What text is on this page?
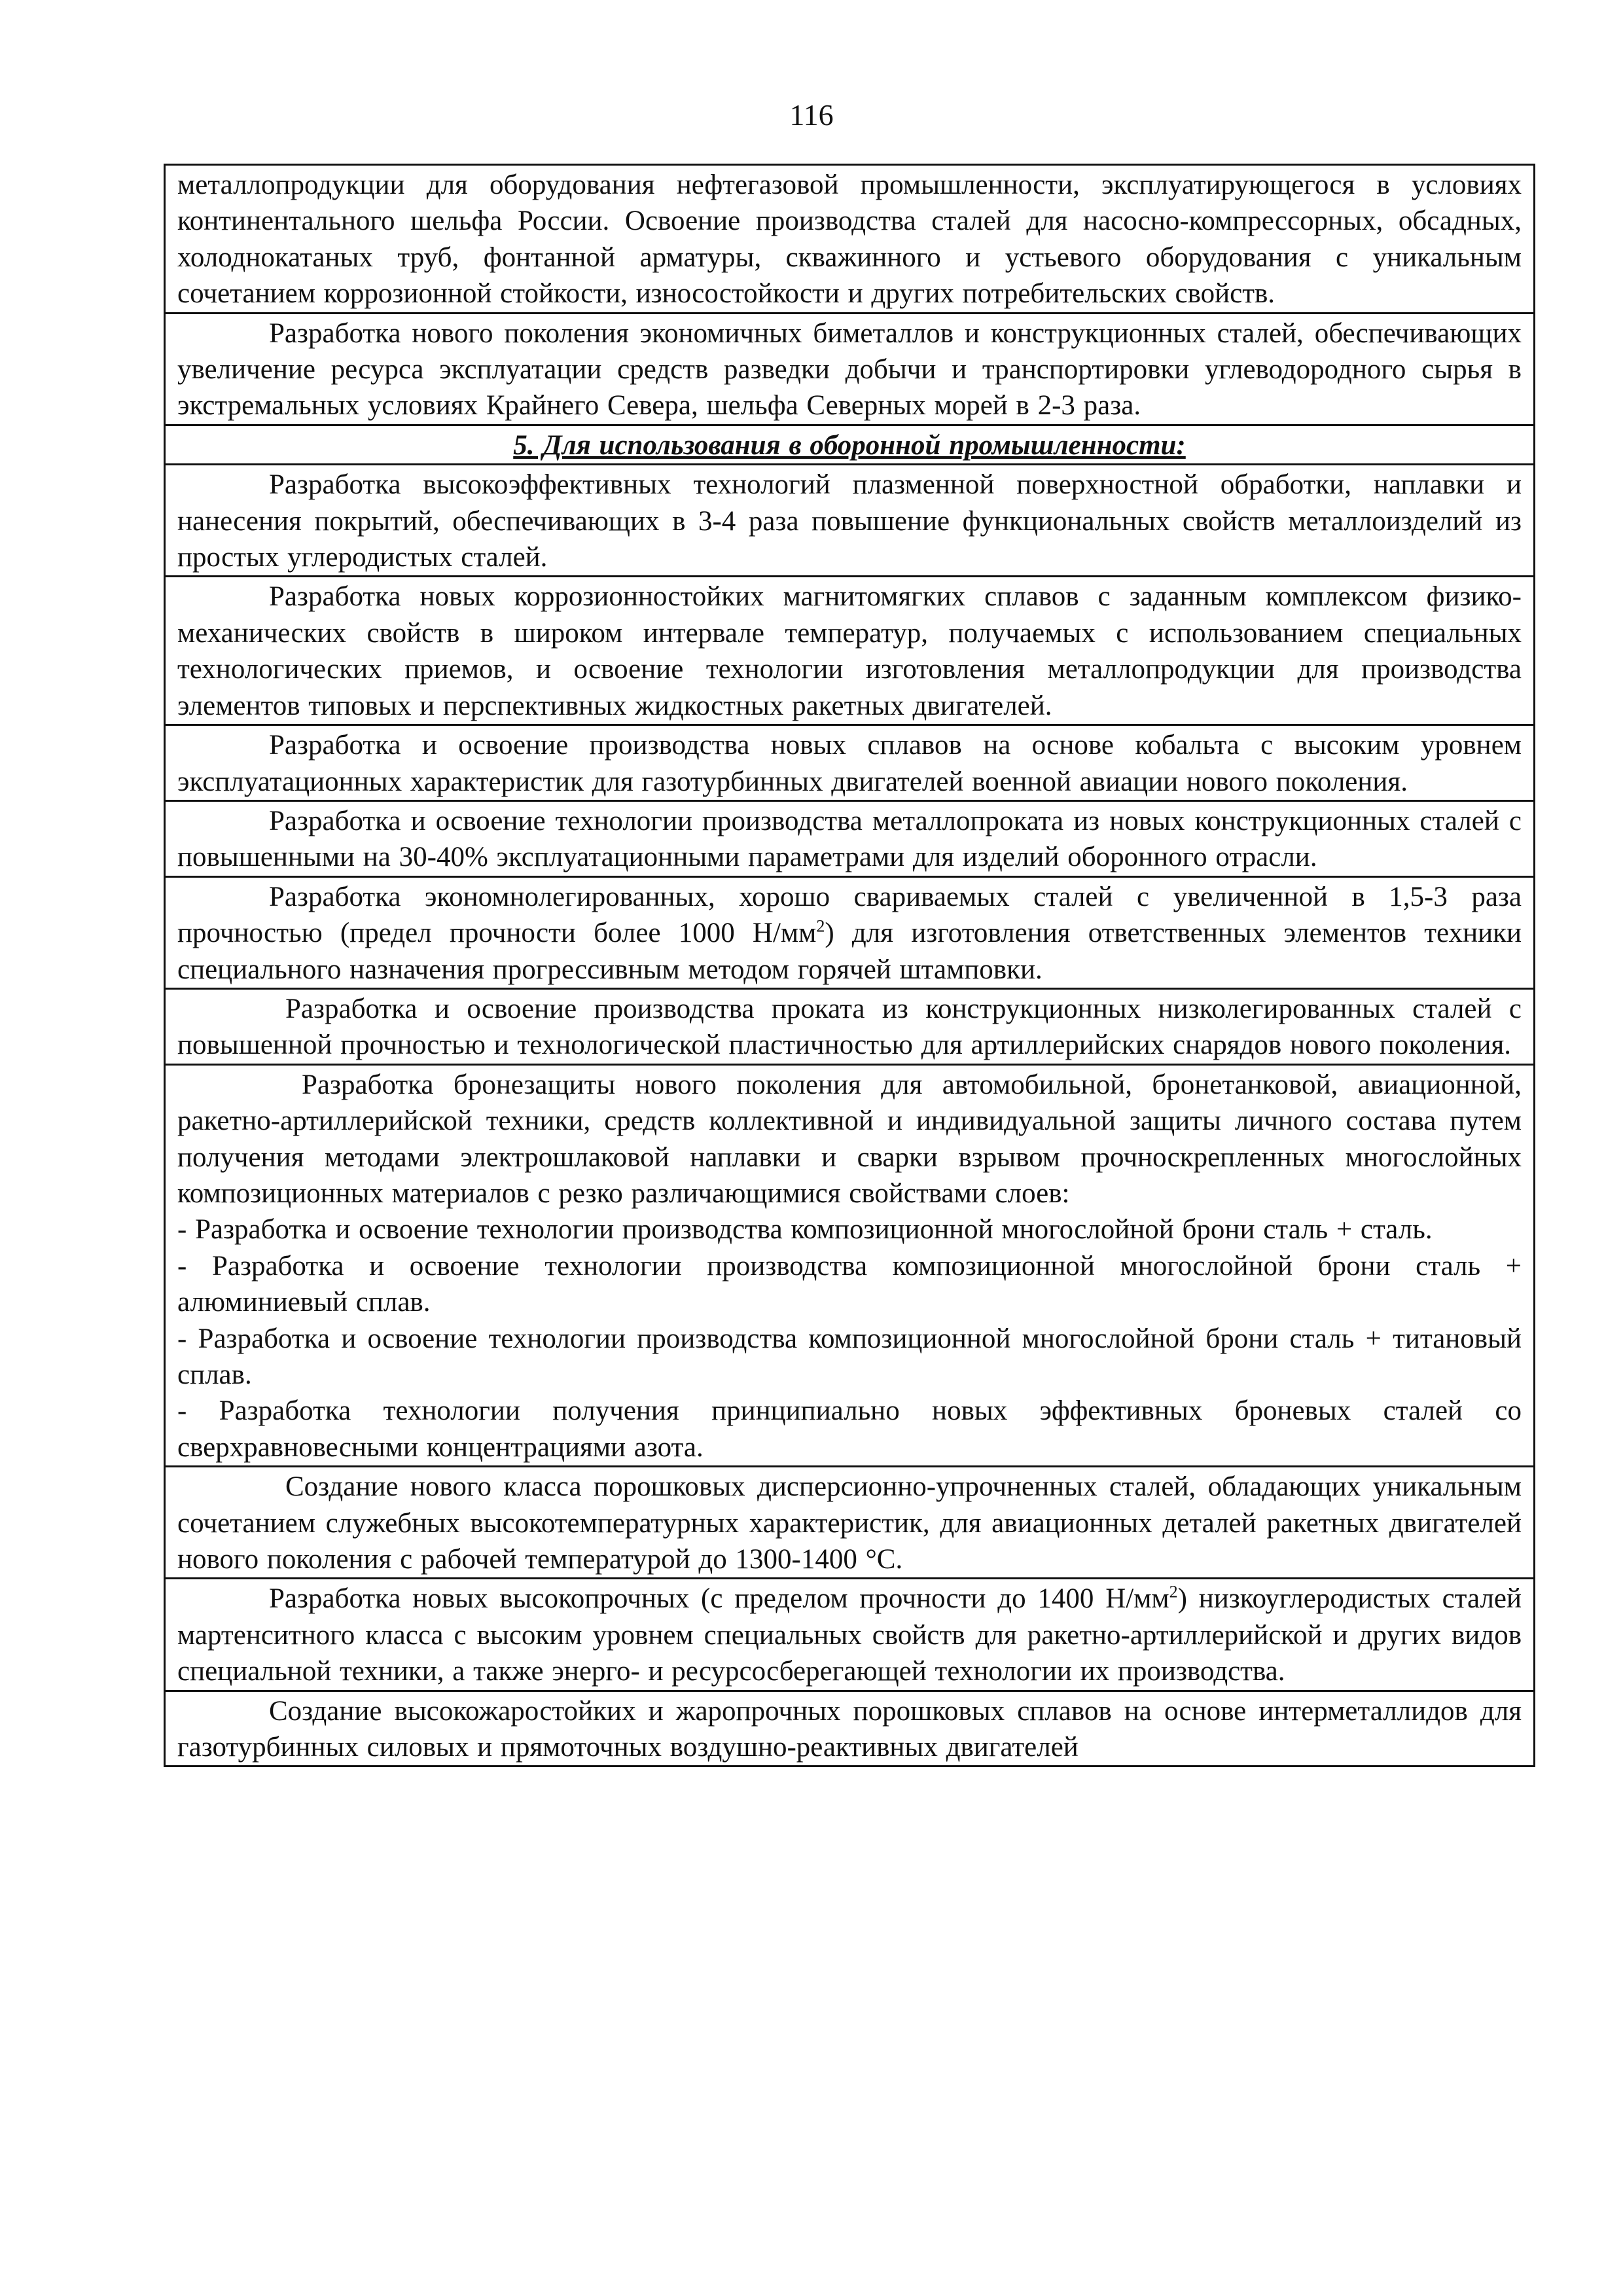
116
металлопродукции для оборудования нефтегазовой промышленности, эксплуатирующегося в условиях континентального шельфа России. Освоение производства сталей для насосно-компрессорных, обсадных, холоднокатаных труб, фонтанной арматуры, скважинного и устьевого оборудования с уникальным сочетанием коррозионной стойкости, износостойкости и других потребительских свойств.

Разработка нового поколения экономичных биметаллов и конструкционных сталей, обеспечивающих увеличение ресурса эксплуатации средств разведки добычи и транспортировки углеводородного сырья в экстремальных условиях Крайнего Севера, шельфа Северных морей в 2-3 раза.

5. Для использования в оборонной промышленности:

Разработка высокоэффективных технологий плазменной поверхностной обработки, наплавки и нанесения покрытий, обеспечивающих в 3-4 раза повышение функциональных свойств металлоизделий из простых углеродистых сталей.

Разработка новых коррозионностойких магнитомягких сплавов с заданным комплексом физико-механических свойств в широком интервале температур, получаемых с использованием специальных технологических приемов, и освоение технологии изготовления металлопродукции для производства элементов типовых и перспективных жидкостных ракетных двигателей.

Разработка и освоение производства новых сплавов на основе кобальта с высоким уровнем эксплуатационных характеристик для газотурбинных двигателей военной авиации нового поколения.

Разработка и освоение технологии производства металлопроката из новых конструкционных сталей с повышенными на 30-40% эксплуатационными параметрами для изделий оборонного отрасли.

Разработка экономнолегированных, хорошо свариваемых сталей с увеличенной в 1,5-3 раза прочностью (предел прочности более 1000 $Н/мм^2$) для изготовления ответственных элементов техники специального назначения прогрессивным методом горячей штамповки.

Разработка и освоение производства проката из конструкционных низколегированных сталей с повышенной прочностью и технологической пластичностью для артиллерийских снарядов нового поколения.

Разработка бронезащиты нового поколения для автомобильной, бронетанковой, авиационной, ракетно-артиллерийской техники, средств коллективной и индивидуальной защиты личного состава путем получения методами электрошлаковой наплавки и сварки взрывом прочноскрепленных многослойных композиционных материалов с резко различающимися свойствами слоев:
- Разработка и освоение технологии производства композиционной многослойной брони сталь + сталь.
- Разработка и освоение технологии производства композиционной многослойной брони сталь + алюминиевый сплав.
- Разработка и освоение технологии производства композиционной многослойной брони сталь + титановый сплав.
- Разработка технологии получения принципиально новых эффективных броневых сталей со сверхравновесными концентрациями азота.

Создание нового класса порошковых дисперсионно-упрочненных сталей, обладающих уникальным сочетанием служебных высокотемпературных характеристик, для авиационных деталей ракетных двигателей нового поколения с рабочей температурой до 1300-1400 °С.

Разработка новых высокопрочных (с пределом прочности до 1400 $Н/мм^2$) низкоуглеродистых сталей мартенситного класса с высоким уровнем специальных свойств для ракетно-артиллерийской и других видов специальной техники, а также энерго- и ресурсосберегающей технологии их производства.

Создание высокожаростойких и жаропрочных порошковых сплавов на основе интерметаллидов для газотурбинных силовых и прямоточных воздушно-реактивных двигателей
